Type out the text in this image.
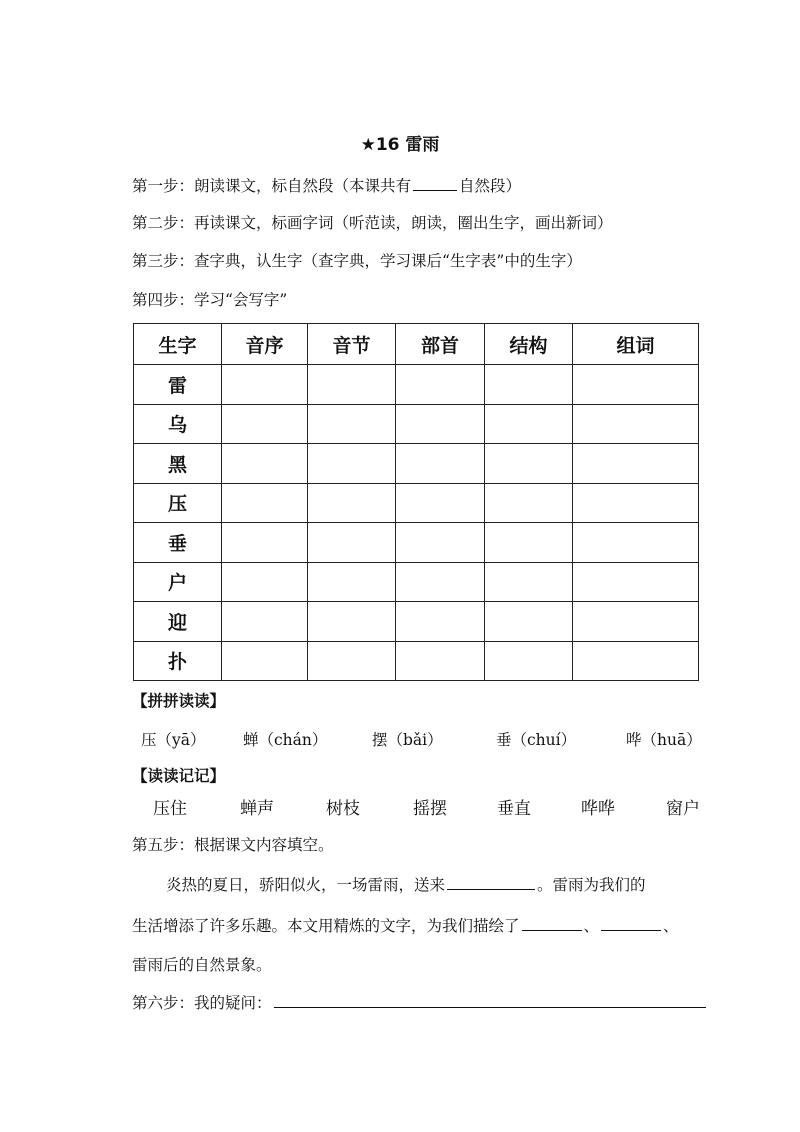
★16 雷雨
第一步：朗读课文，标自然段（本课共有	自然段）
第二步：再读课文，标画字词（听范读，朗读，圈出生字，画出新词）
第三步：查字典，认生字（查字典，学习课后“生字表”中的生字）
第四步：学习“会写字”
生字	音序	音节	部首	结构	组词
雷					
乌					
黑					
压					
垂					
户					
迎					
扑					
【拼拼读读】
压（yā） 蝉（chán）	摆（bǎi）	垂（chuí）	哗（huā）
【读读记记】
压住	蝉声	树枝	摇摆	垂直	哗哗	窗户
第五步：根据课文内容填空。
炎热的夏日，骄阳似火，一场雷雨，送来	。雷雨为我们的
生活增添了许多乐趣。本文用精炼的文字，为我们描绘了	、	、
雷雨后的自然景象。
第六步：我的疑问：
